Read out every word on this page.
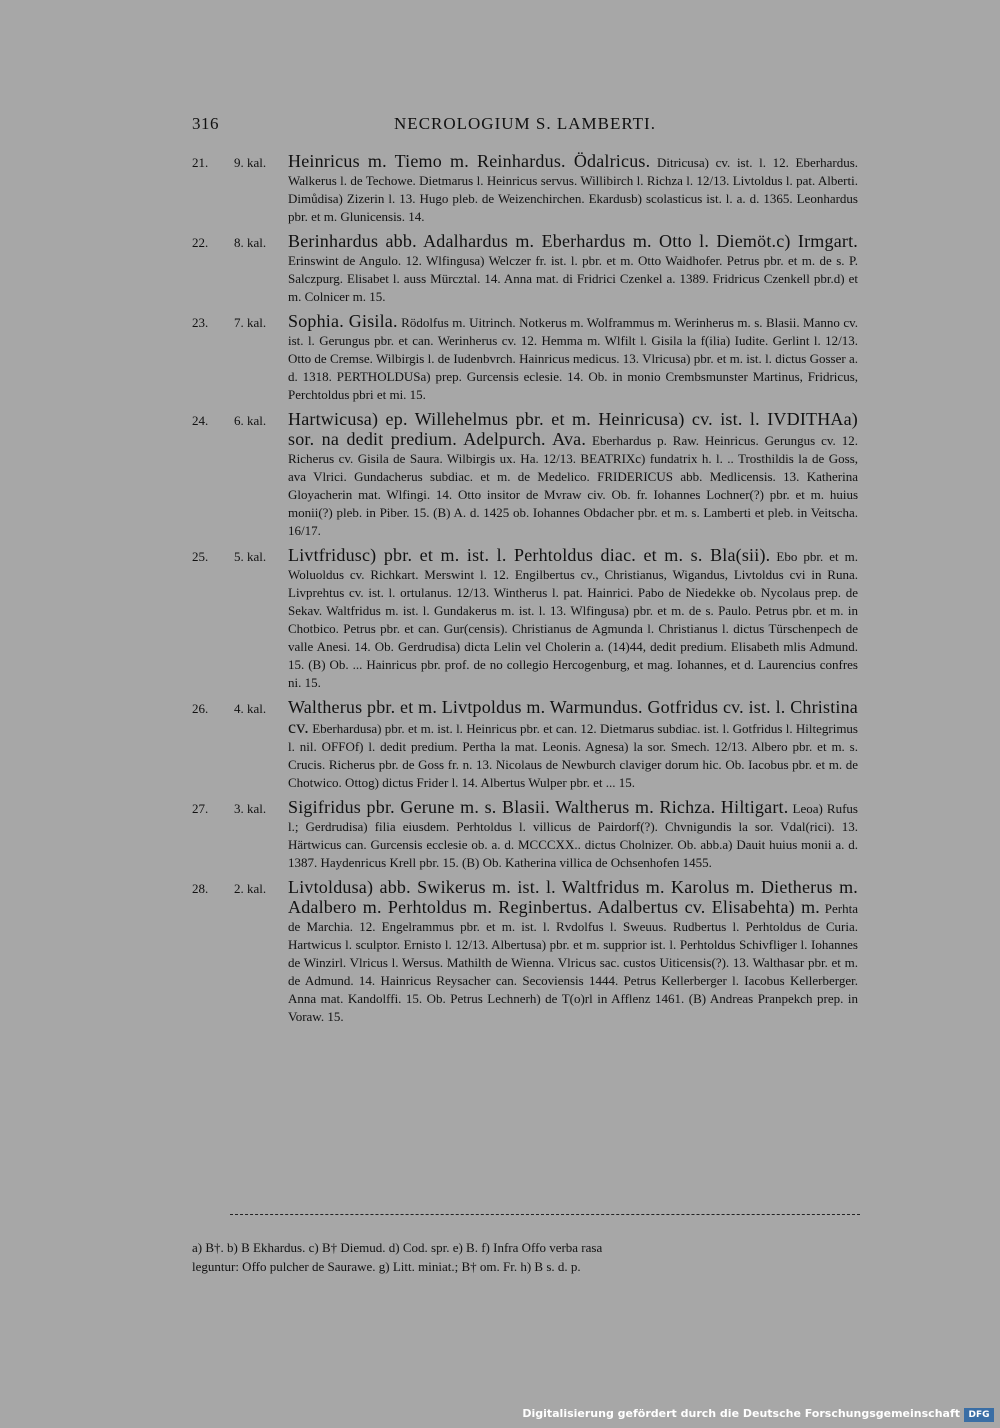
316	NECROLOGIUM S. LAMBERTI.
21. 9. kal. Heinricus m. Tiemo m. Reinhardus. Ödalricus. Ditricusa) cv. ist. l. 12. Eberhardus. Walkerus l. de Techowe. Dietmarus l. Heinricus servus. Willibirch l. Richza l. 12/13. Livtoldus l. pat. Alberti. Dimůdisa) Zizerin l. 13. Hugo pleb. de Weizenchirchen. Ekardusb) scolasticus ist. l. a. d. 1365. Leonhardus pbr. et m. Glunicensis. 14.
22. 8. kal. Berinhardus abb. Adalhardus m. Eberhardus m. Otto l. Diemöt.c) Irmgart. Erinswint de Angulo. 12. Wlfingusa) Welczer fr. ist. l. pbr. et m. Otto Waidhofer. Petrus pbr. et m. de s. P. Salczpurg. Elisabet l. auss Mürcztal. 14. Anna mat. di Fridrici Czenkel a. 1389. Fridricus Czenkell pbr.d) et m. Colnicer m. 15.
23. 7. kal. Sophia. Gisila. Rödolfus m. Uitrinch. Notkerus m. Wolframmus m. Werinherus m. s. Blasii. Manno cv. ist. l. Gerungus pbr. et can. Werinherus cv. 12. Hemma m. Wlfilt l. Gisila la f(ilia) Iudite. Gerlint l. 12/13. Otto de Cremse. Wilbirgis l. de Iudenbvrch. Hainricus medicus. 13. Vlricusa) pbr. et m. ist. l. dictus Gosser a. d. 1318. PERTHOLDUSa) prep. Gurcensis eclesie. 14. Ob. in monio Crembsmunster Martinus, Fridricus, Perchtoldus pbri et mi. 15.
24. 6. kal. Hartwicusa) ep. Willehelmus pbr. et m. Heinricusa) cv. ist. l. IVDITHAa) sor. na dedit predium. Adelpurch. Ava. Eberhardus p. Raw. Heinricus. Gerungus cv. 12. Richerus cv. Gisila de Saura. Wilbirgis ux. Ha. 12/13. BEATRIXc) fundatrix h. l. .. Trosthildis la de Goss, ava Vlrici. Gundacherus subdiac. et m. de Medelico. FRIDERICUS abb. Medlicensis. 13. Katherina Gloyacherin mat. Wlfingi. 14. Otto insitor de Mvraw civ. Ob. fr. Iohannes Lochner(?) pbr. et m. huius monii(?) pleb. in Piber. 15. (B) A. d. 1425 ob. Iohannes Obdacher pbr. et m. s. Lamberti et pleb. in Veitscha. 16/17.
25. 5. kal. Livtfridusc) pbr. et m. ist. l. Perhtoldus diac. et m. s. Bla(sii). Ebo pbr. et m. Woluoldus cv. Richkart. Merswint l. 12. Engilbertus cv., Christianus, Wigandus, Livtoldus cvi in Runa. Livprehtus cv. ist. l. ortulanus. 12/13. Wintherus l. pat. Hainrici. Pabo de Niedekke ob. Nycolaus prep. de Sekav. Waltfridus m. ist. l. Gundakerus m. ist. l. 13. Wlfingusa) pbr. et m. de s. Paulo. Petrus pbr. et m. in Chotbico. Petrus pbr. et can. Gur(censis). Christianus de Agmunda l. Christianus l. dictus Türschenpech de valle Anesi. 14. Ob. Gerdrudisa) dicta Lelin vel Cholerin a. (14)44, dedit predium. Elisabeth mlis Admund. 15. (B) Ob. ... Hainricus pbr. prof. de no collegio Hercogenburg, et mag. Iohannes, et d. Laurencius confres ni. 15.
26. 4. kal. Waltherus pbr. et m. Livtpoldus m. Warmundus. Gotfridus cv. ist. l. Christina cv. Eberhardusa) pbr. et m. ist. l. Heinricus pbr. et can. 12. Dietmarus subdiac. ist. l. Gotfridus l. Hiltegrimus l. nil. OFFOf) l. dedit predium. Pertha la mat. Leonis. Agnesa) la sor. Smech. 12/13. Albero pbr. et m. s. Crucis. Richerus pbr. de Goss fr. n. 13. Nicolaus de Newburch claviger dorum hic. Ob. Iacobus pbr. et m. de Chotwico. Ottog) dictus Frider l. 14. Albertus Wulper pbr. et ... 15.
27. 3. kal. Sigifridus pbr. Gerune m. s. Blasii. Waltherus m. Richza. Hiltigart. Leoa) Rufus l.; Gerdrudisa) filia eiusdem. Perhtoldus l. villicus de Pairdorf(?). Chvnigundis la sor. Vdal(rici). 13. Härtwicus can. Gurcensis ecclesie ob. a. d. MCCCXX.. dictus Cholnizer. Ob. abb.a) Dauit huius monii a. d. 1387. Haydenricus Krell pbr. 15. (B) Ob. Katherina villica de Ochsenhofen 1455.
28. 2. kal. Livtoldusa) abb. Swikerus m. ist. l. Waltfridus m. Karolus m. Dietherus m. Adalbero m. Perhtoldus m. Reginbertus. Adalbertus cv. Elisabehta) m. Perhta de Marchia. 12. Engelrammus pbr. et m. ist. l. Rvdolfus l. Sweuus. Rudbertus l. Perhtoldus de Curia. Hartwicus l. sculptor. Ernisto l. 12/13. Albertusa) pbr. et m. supprior ist. l. Perhtoldus Schivfliger l. Iohannes de Winzirl. Vlricus l. Wersus. Mathilth de Wienna. Vlricus sac. custos Uiticensis(?). 13. Walthasar pbr. et m. de Admund. 14. Hainricus Reysacher can. Secoviensis 1444. Petrus Kellerberger l. Iacobus Kellerberger. Anna mat. Kandolffi. 15. Ob. Petrus Lechnerh) de T(o)rl in Afflenz 1461. (B) Andreas Pranpekch prep. in Voraw. 15.
a) B†. b) B Ekhardus. c) B† Diemud. d) Cod. spr. e) B. f) Infra Offo verba rasa
leguntur: Offo pulcher de Saurawe. g) Litt. miniat.; B† om. Fr. h) B s. d. p.
Digitalisierung gefördert durch die Deutsche Forschungsgemeinschaft DFG
